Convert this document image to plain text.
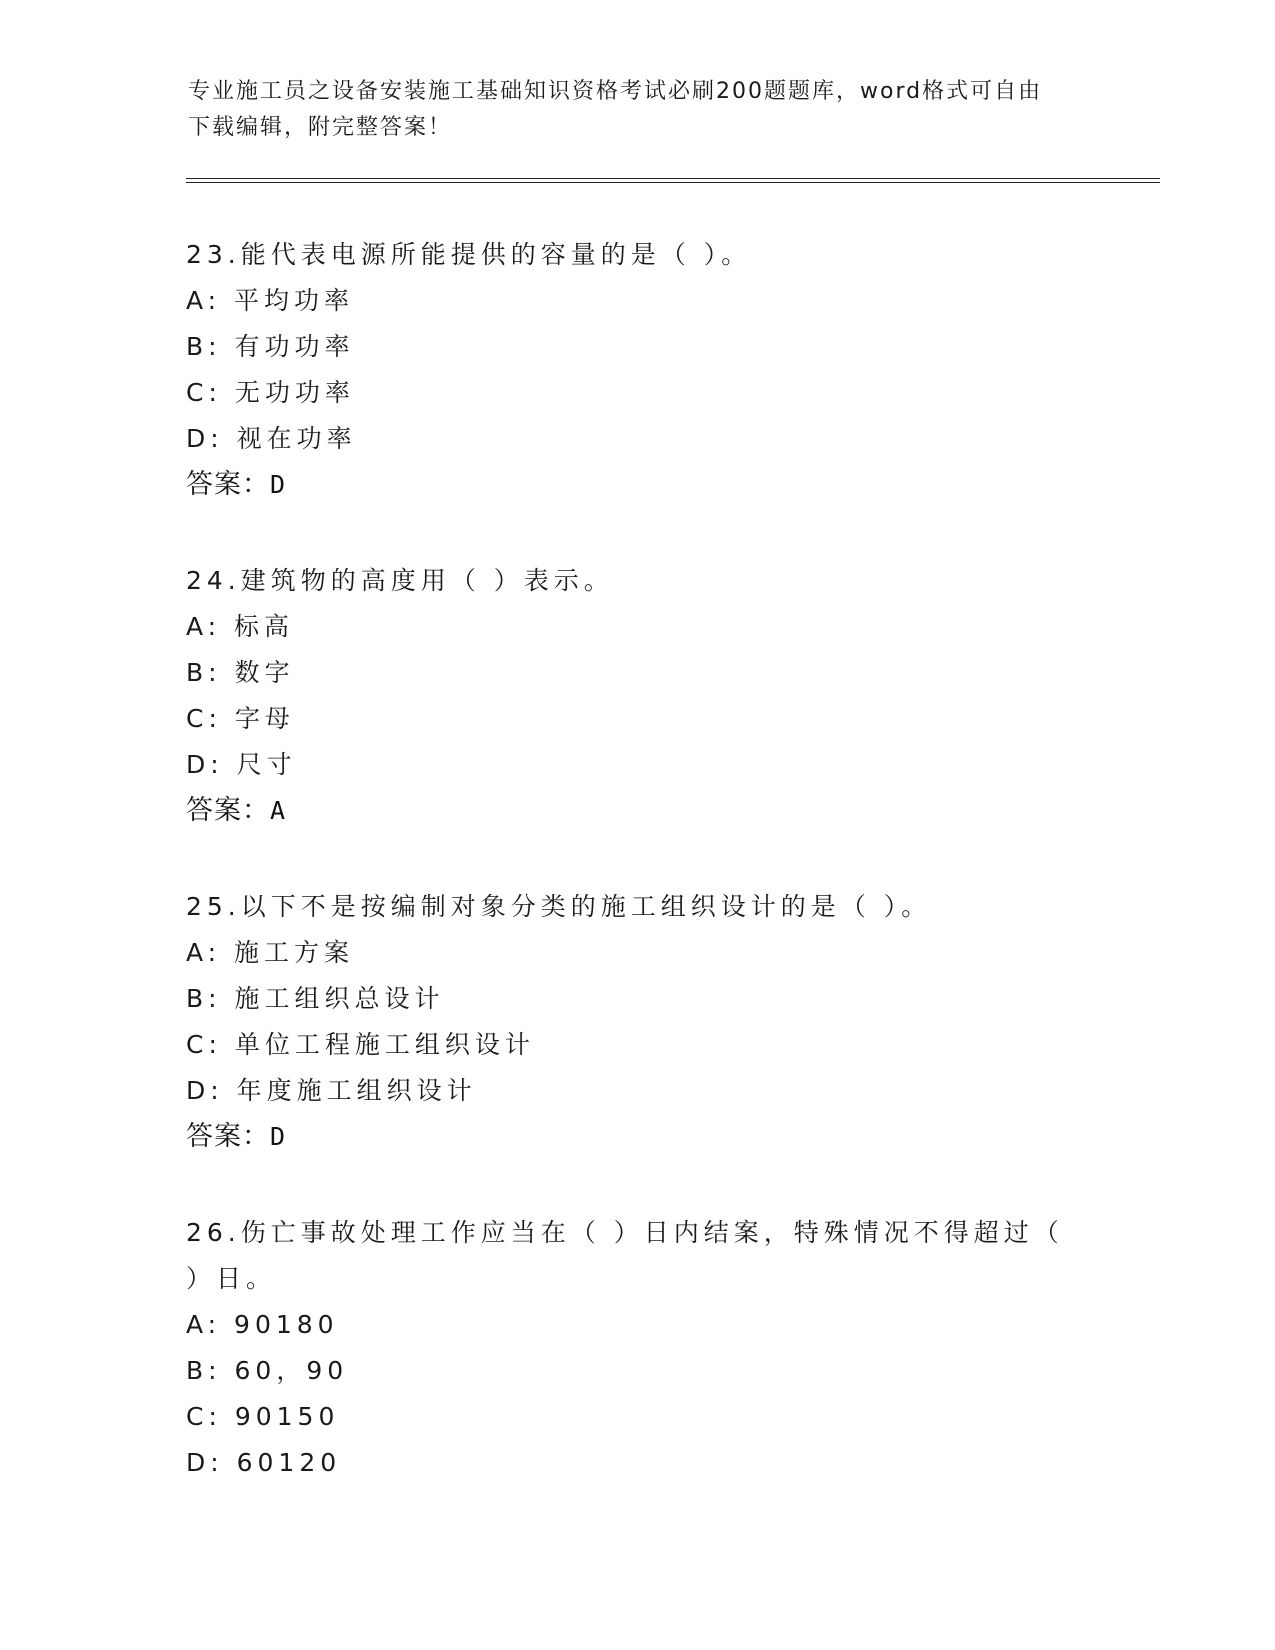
专业施工员之设备安装施工基础知识资格考试必刷200题题库，word格式可自由
下载编辑，附完整答案！
23.能代表电源所能提供的容量的是（ ）。
A: 平均功率
B: 有功功率
C: 无功功率
D: 视在功率
答案：D
24.建筑物的高度用（ ）表示。
A: 标高
B: 数字
C: 字母
D: 尺寸
答案：A
25.以下不是按编制对象分类的施工组织设计的是（ ）。
A: 施工方案
B: 施工组织总设计
C: 单位工程施工组织设计
D: 年度施工组织设计
答案：D
26.伤亡事故处理工作应当在（ ）日内结案，特殊情况不得超过（ ）日。
A: 90180
B: 60，90
C: 90150
D: 60120
